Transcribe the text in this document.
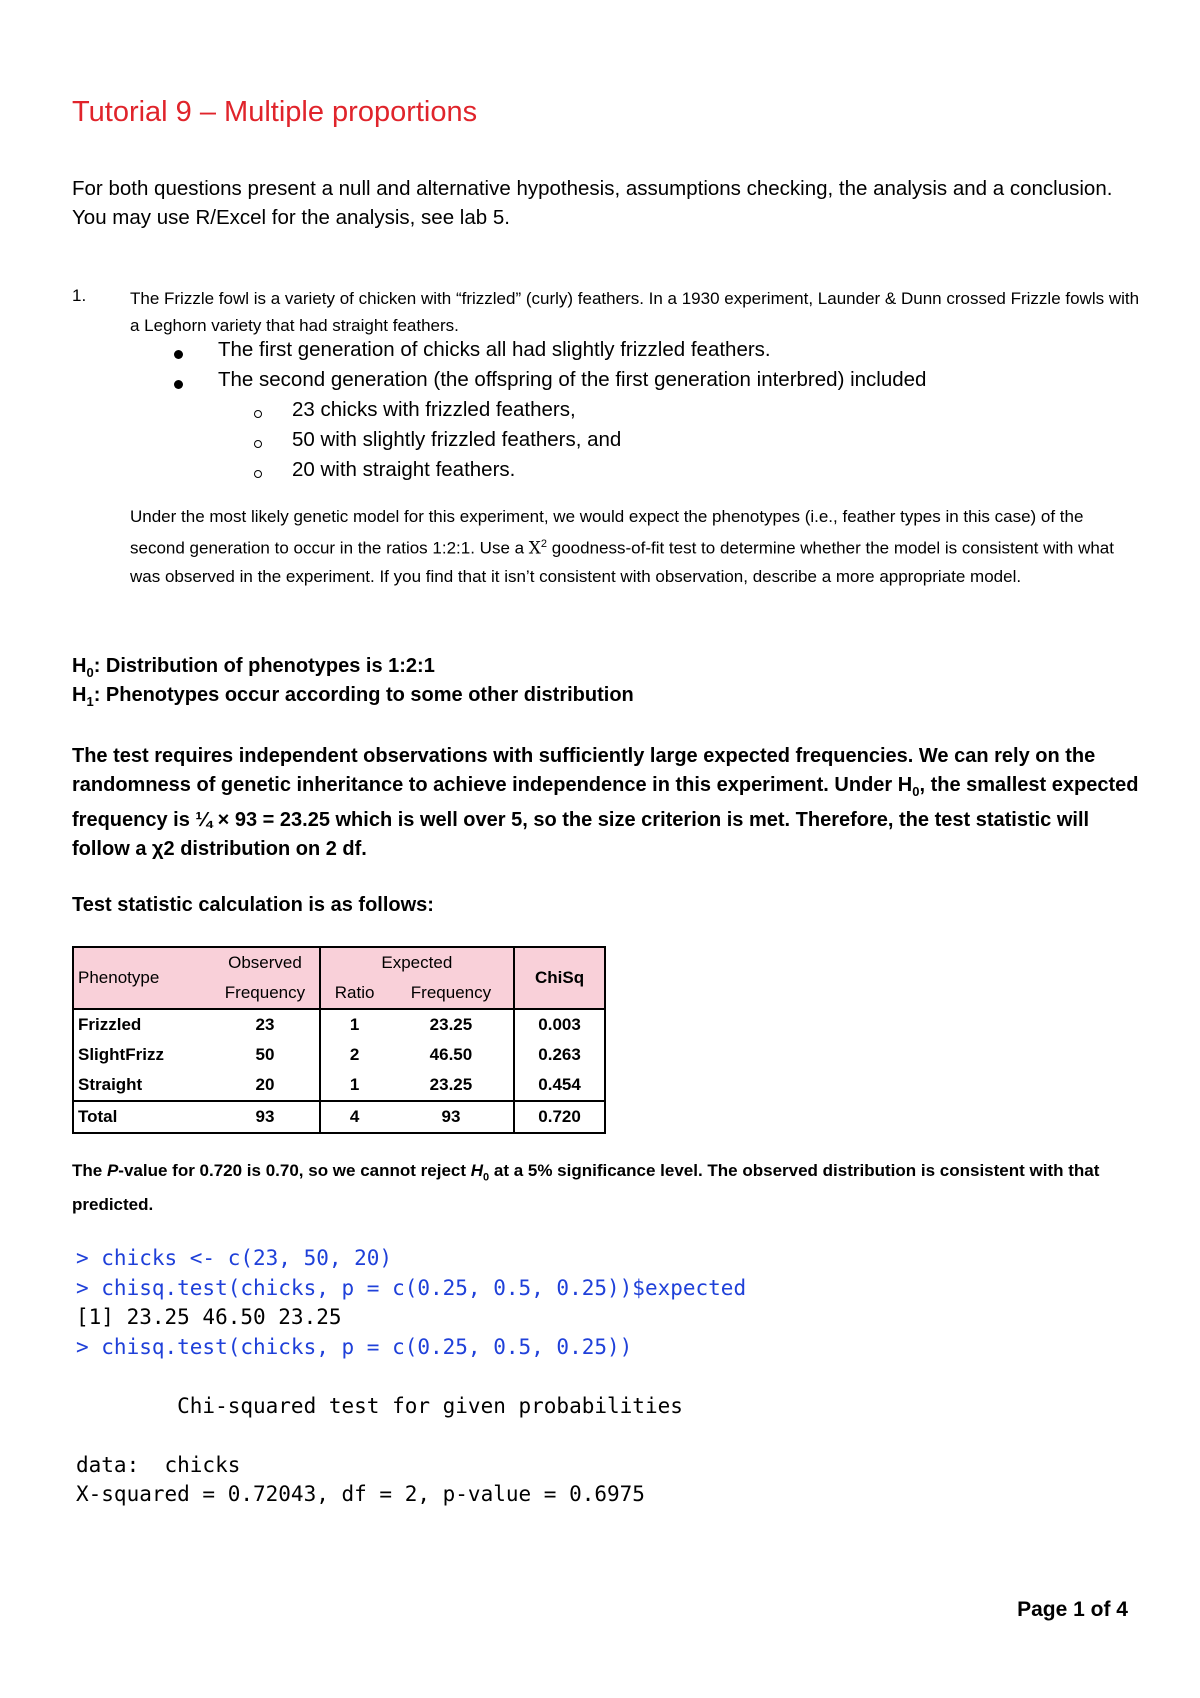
Tutorial 9 – Multiple proportions
For both questions present a null and alternative hypothesis, assumptions checking, the analysis and a conclusion. You may use R/Excel for the analysis, see lab 5.
1.	The Frizzle fowl is a variety of chicken with “frizzled” (curly) feathers. In a 1930 experiment, Launder & Dunn crossed Frizzle fowls with a Leghorn variety that had straight feathers.
The first generation of chicks all had slightly frizzled feathers.
The second generation (the offspring of the first generation interbred) included
23 chicks with frizzled feathers,
50 with slightly frizzled feathers, and
20 with straight feathers.
Under the most likely genetic model for this experiment, we would expect the phenotypes (i.e., feather types in this case) of the second generation to occur in the ratios 1:2:1. Use a $X^2$ goodness-of-fit test to determine whether the model is consistent with what was observed in the experiment. If you find that it isn’t consistent with observation, describe a more appropriate model.
$H_0$: Distribution of phenotypes is 1:2:1
$H_1$: Phenotypes occur according to some other distribution
The test requires independent observations with sufficiently large expected frequencies. We can rely on the randomness of genetic inheritance to achieve independence in this experiment. Under $H_0$, the smallest expected frequency is ¼ × 93 = 23.25 which is well over 5, so the size criterion is met. Therefore, the test statistic will follow a χ2 distribution on 2 df.
Test statistic calculation is as follows:
Phenotype	Observed	Expected		ChiSq
	Frequency	Ratio	Frequency	
Frizzled	23	1	23.25	0.003
SlightFrizz	50	2	46.50	0.263
Straight	20	1	23.25	0.454
Total	93	4	93	0.720
The P-value for 0.720 is 0.70, so we cannot reject $H_0$ at a 5% significance level. The observed distribution is consistent with that predicted.
> chicks <- c(23, 50, 20)
> chisq.test(chicks, p = c(0.25, 0.5, 0.25))$expected
[1] 23.25 46.50 23.25
> chisq.test(chicks, p = c(0.25, 0.5, 0.25))

Chi-squared test for given probabilities

data:  chicks
X-squared = 0.72043, df = 2, p-value = 0.6975
Page 1 of 4
